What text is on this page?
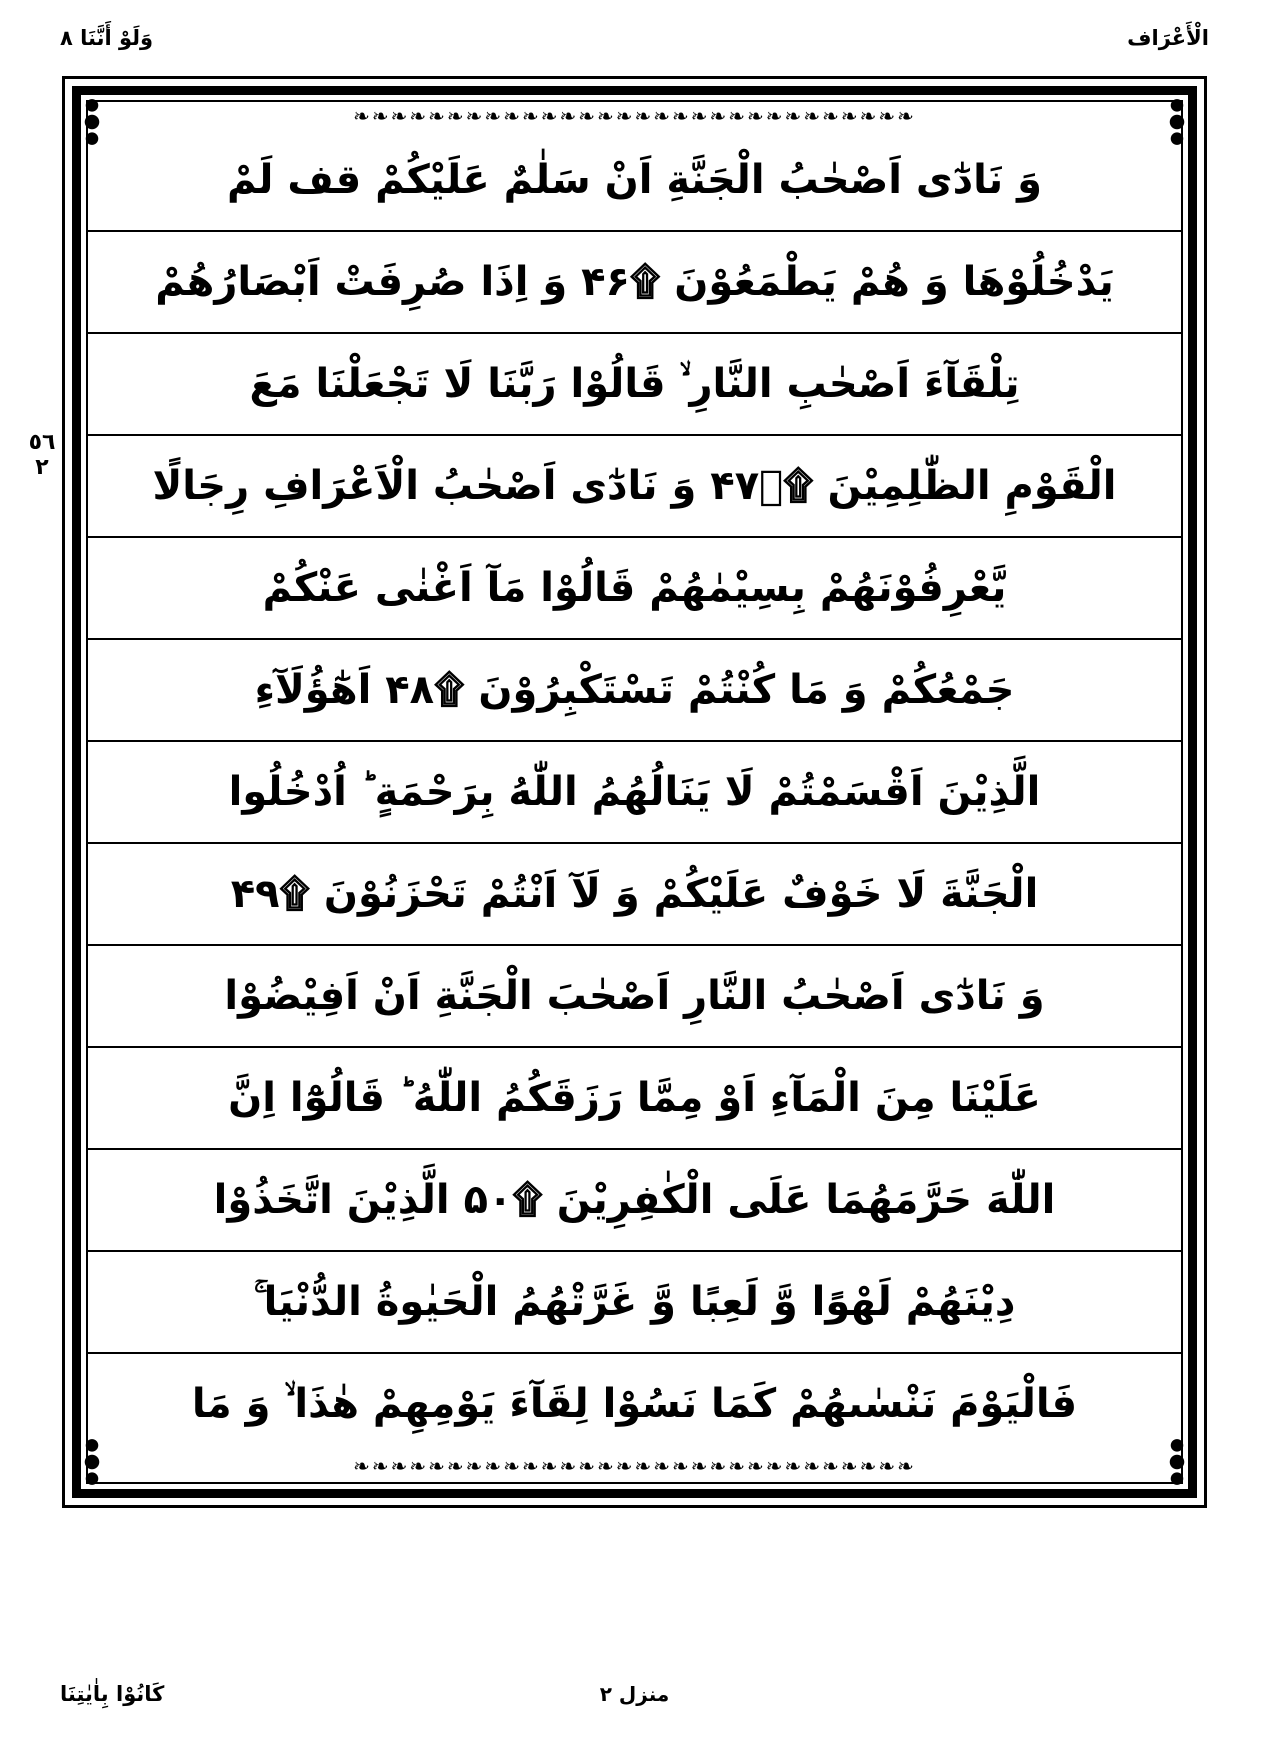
وَلَوْ أَنَّنَا ٨	الْأَعْرَاف
٥٦
٢
❧❧❧❧❧❧❧❧❧❧❧❧❧❧❧❧❧❧❧❧❧❧❧❧❧❧❧❧❧❧
❧❧❧❧❧❧❧❧❧❧❧❧❧❧❧❧❧❧❧❧❧❧❧❧❧❧❧❧❧❧
وَ نَادٰٓى اَصْحٰبُ الْجَنَّةِ اَنْ سَلٰمٌ عَلَيْكُمْ قف لَمْ
يَدْخُلُوْهَا وَ هُمْ يَطْمَعُوْنَ ۩۴۶ وَ اِذَا صُرِفَتْ اَبْصَارُهُمْ
تِلْقَآءَ اَصْحٰبِ النَّارِ ۙ قَالُوْا رَبَّنَا لَا تَجْعَلْنَا مَعَ
الْقَوْمِ الظّٰلِمِيْنَ ۩۴۷ؔ وَ نَادٰٓى اَصْحٰبُ الْاَعْرَافِ رِجَالًا
يَّعْرِفُوْنَهُمْ بِسِيْمٰهُمْ قَالُوْا مَآ اَغْنٰى عَنْكُمْ
جَمْعُكُمْ وَ مَا كُنْتُمْ تَسْتَكْبِرُوْنَ ۩۴۸ اَهٰٓؤُلَآءِ
الَّذِيْنَ اَقْسَمْتُمْ لَا يَنَالُهُمُ اللّٰهُ بِرَحْمَةٍ ؕ اُدْخُلُوا
الْجَنَّةَ لَا خَوْفٌ عَلَيْكُمْ وَ لَآ اَنْتُمْ تَحْزَنُوْنَ ۩۴۹
وَ نَادٰٓى اَصْحٰبُ النَّارِ اَصْحٰبَ الْجَنَّةِ اَنْ اَفِيْضُوْا
عَلَيْنَا مِنَ الْمَآءِ اَوْ مِمَّا رَزَقَكُمُ اللّٰهُ ؕ قَالُوْٓا اِنَّ
اللّٰهَ حَرَّمَهُمَا عَلَى الْكٰفِرِيْنَ ۩۵۰ الَّذِيْنَ اتَّخَذُوْا
دِيْنَهُمْ لَهْوًا وَّ لَعِبًا وَّ غَرَّتْهُمُ الْحَيٰوةُ الدُّنْيَا ۚ
فَالْيَوْمَ نَنْسٰىهُمْ كَمَا نَسُوْا لِقَآءَ يَوْمِهِمْ هٰذَا ۙ وَ مَا
منزل ٢
كَانُوْا بِاٰيٰتِنَا
